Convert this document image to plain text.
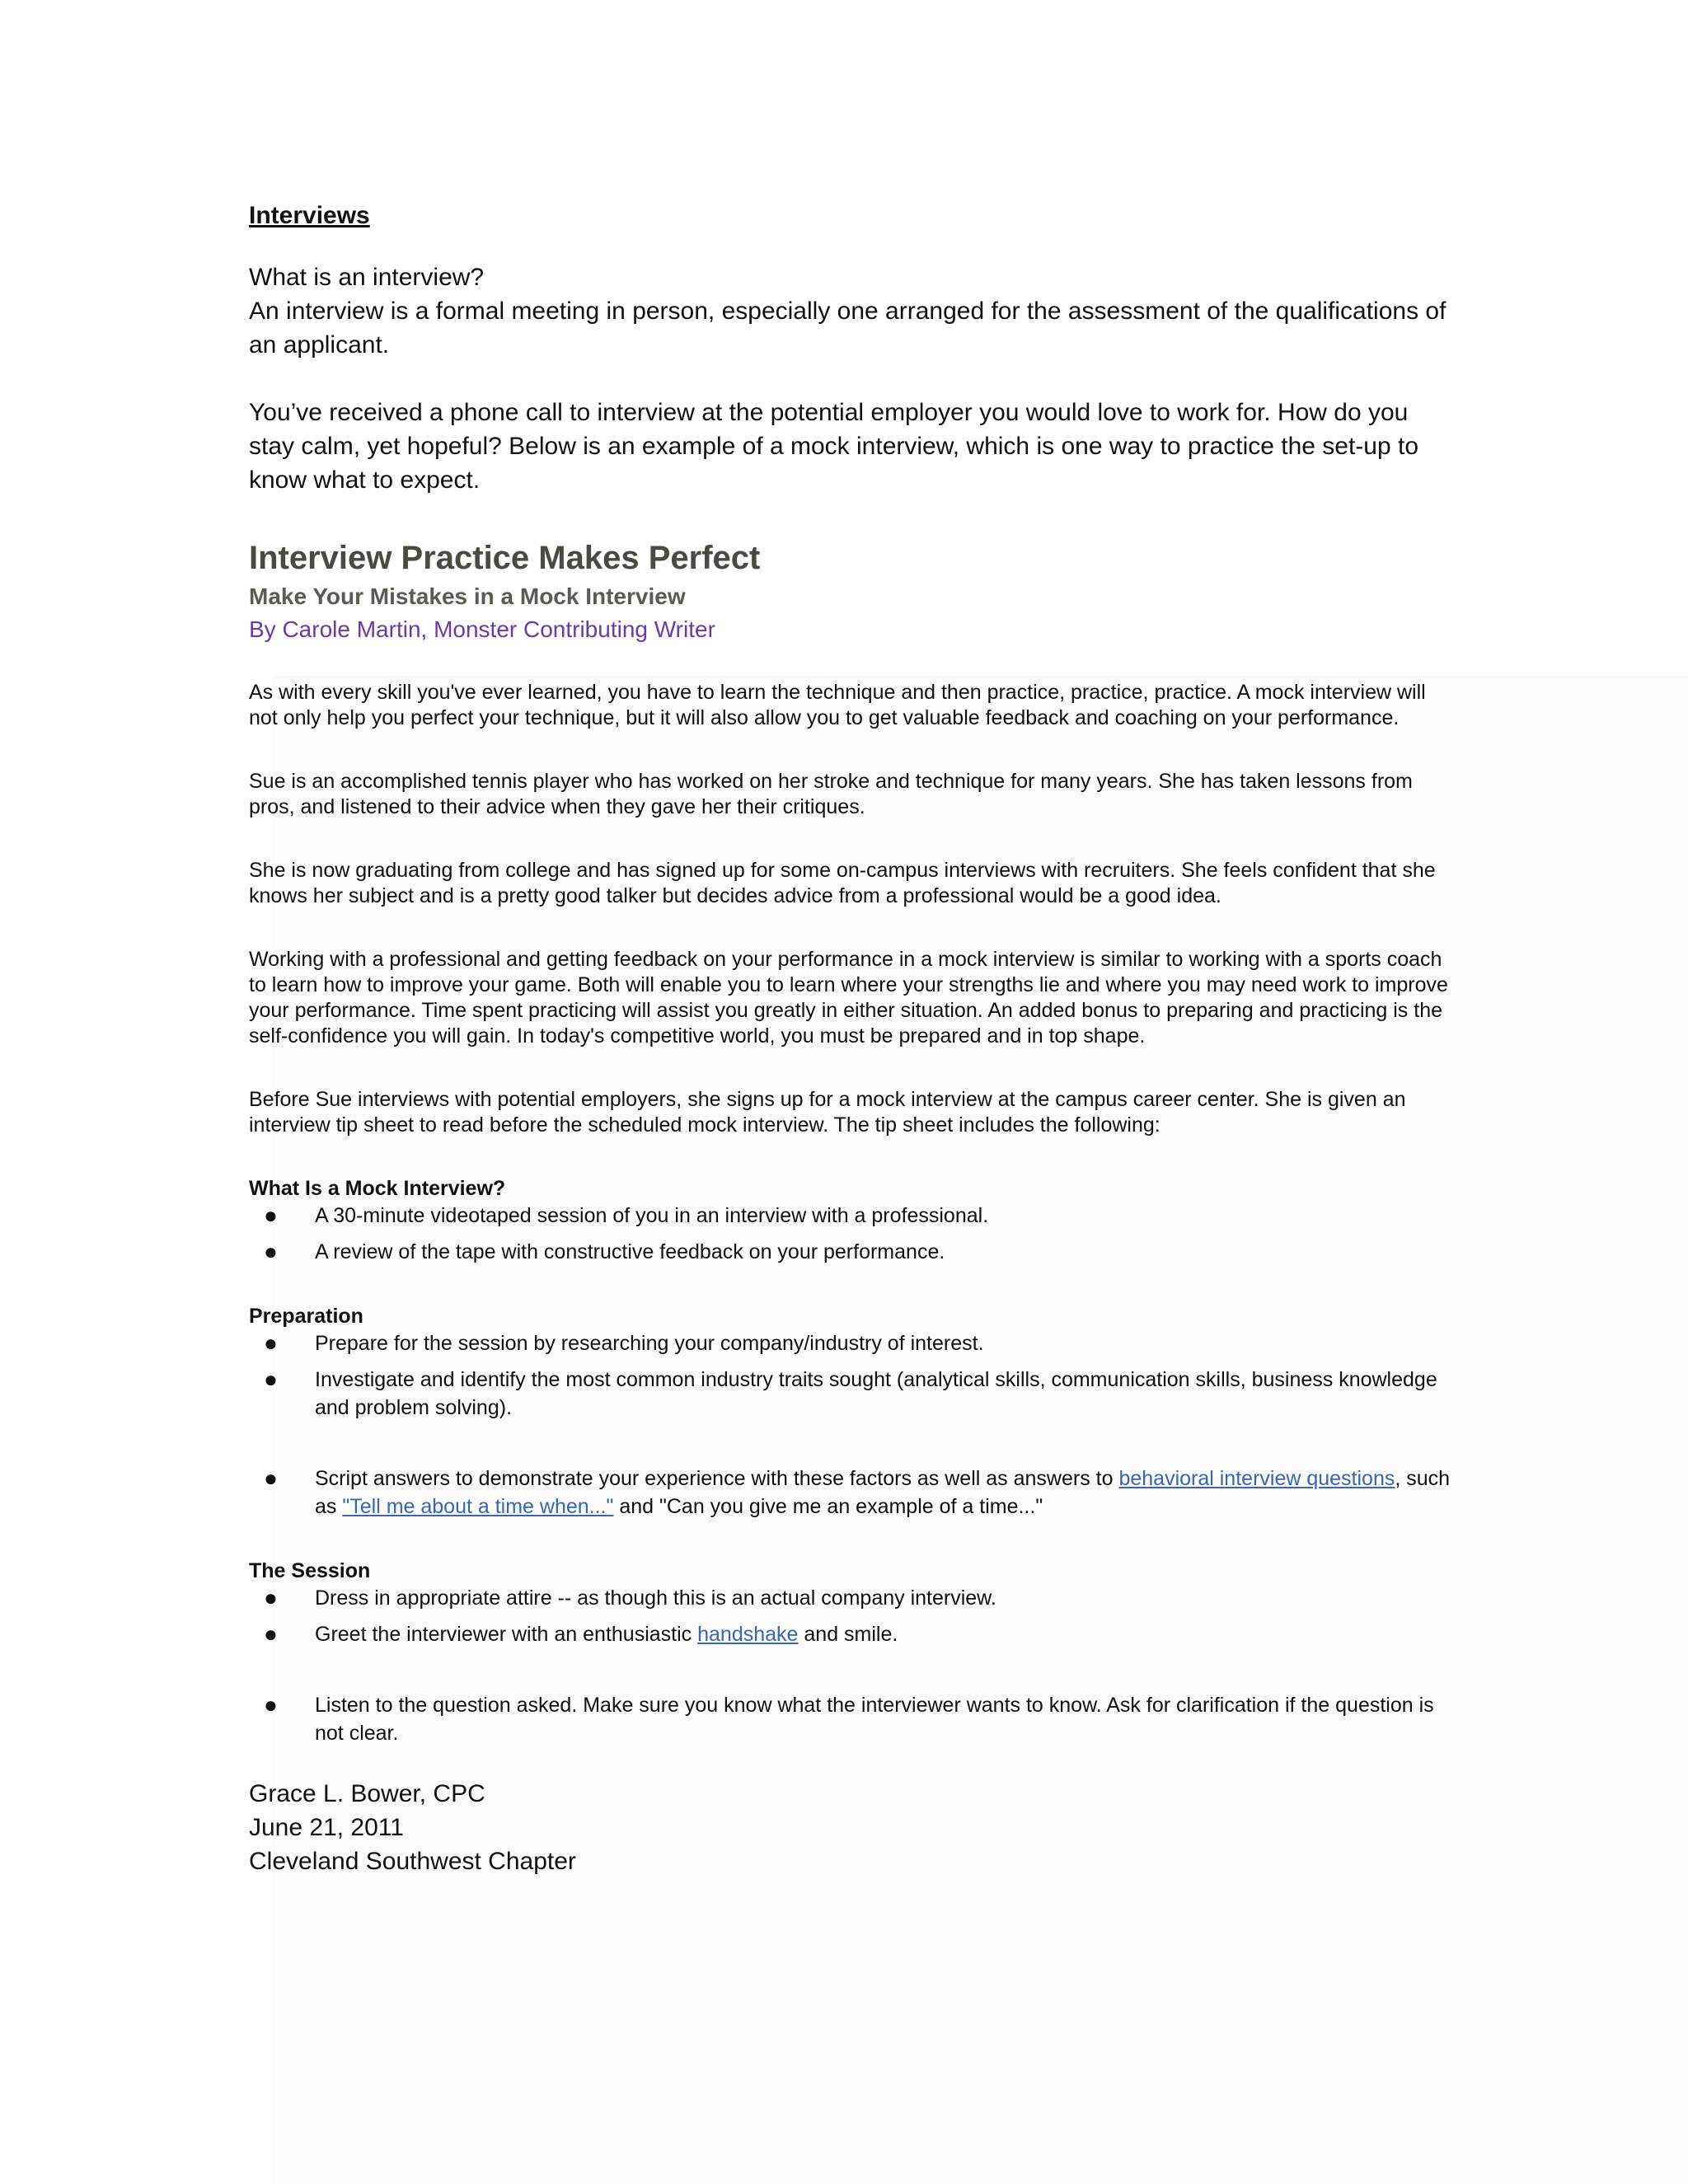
Interviews

What is an interview?

An interview is a formal meeting in person, especially one arranged for the assessment of the qualifications of an applicant.

You’ve received a phone call to interview at the potential employer you would love to work for. How do you stay calm, yet hopeful? Below is an example of a mock interview, which is one way to practice the set-up to know what to expect.

Interview Practice Makes Perfect
Make Your Mistakes in a Mock Interview

By Carole Martin, Monster Contributing Writer

As with every skill you've ever learned, you have to learn the technique and then practice, practice, practice. A mock interview will not only help you perfect your technique, but it will also allow you to get valuable feedback and coaching on your performance.

Sue is an accomplished tennis player who has worked on her stroke and technique for many years. She has taken lessons from pros, and listened to their advice when they gave her their critiques.

She is now graduating from college and has signed up for some on-campus interviews with recruiters. She feels confident that she knows her subject and is a pretty good talker but decides advice from a professional would be a good idea.

Working with a professional and getting feedback on your performance in a mock interview is similar to working with a sports coach to learn how to improve your game. Both will enable you to learn where your strengths lie and where you may need work to improve your performance. Time spent practicing will assist you greatly in either situation. An added bonus to preparing and practicing is the self-confidence you will gain. In today's competitive world, you must be prepared and in top shape.

Before Sue interviews with potential employers, she signs up for a mock interview at the campus career center. She is given an interview tip sheet to read before the scheduled mock interview. The tip sheet includes the following:

What Is a Mock Interview?

● A 30-minute videotaped session of you in an interview with a professional.
● A review of the tape with constructive feedback on your performance.

Preparation

● Prepare for the session by researching your company/industry of interest.
● Investigate and identify the most common industry traits sought (analytical skills, communication skills, business knowledge and problem solving).
● Script answers to demonstrate your experience with these factors as well as answers to behavioral interview questions, such as "Tell me about a time when..." and "Can you give me an example of a time..."

The Session

● Dress in appropriate attire -- as though this is an actual company interview.
● Greet the interviewer with an enthusiastic handshake and smile.
● Listen to the question asked. Make sure you know what the interviewer wants to know. Ask for clarification if the question is not clear.

Grace L. Bower, CPC

June 21, 2011

Cleveland Southwest Chapter
